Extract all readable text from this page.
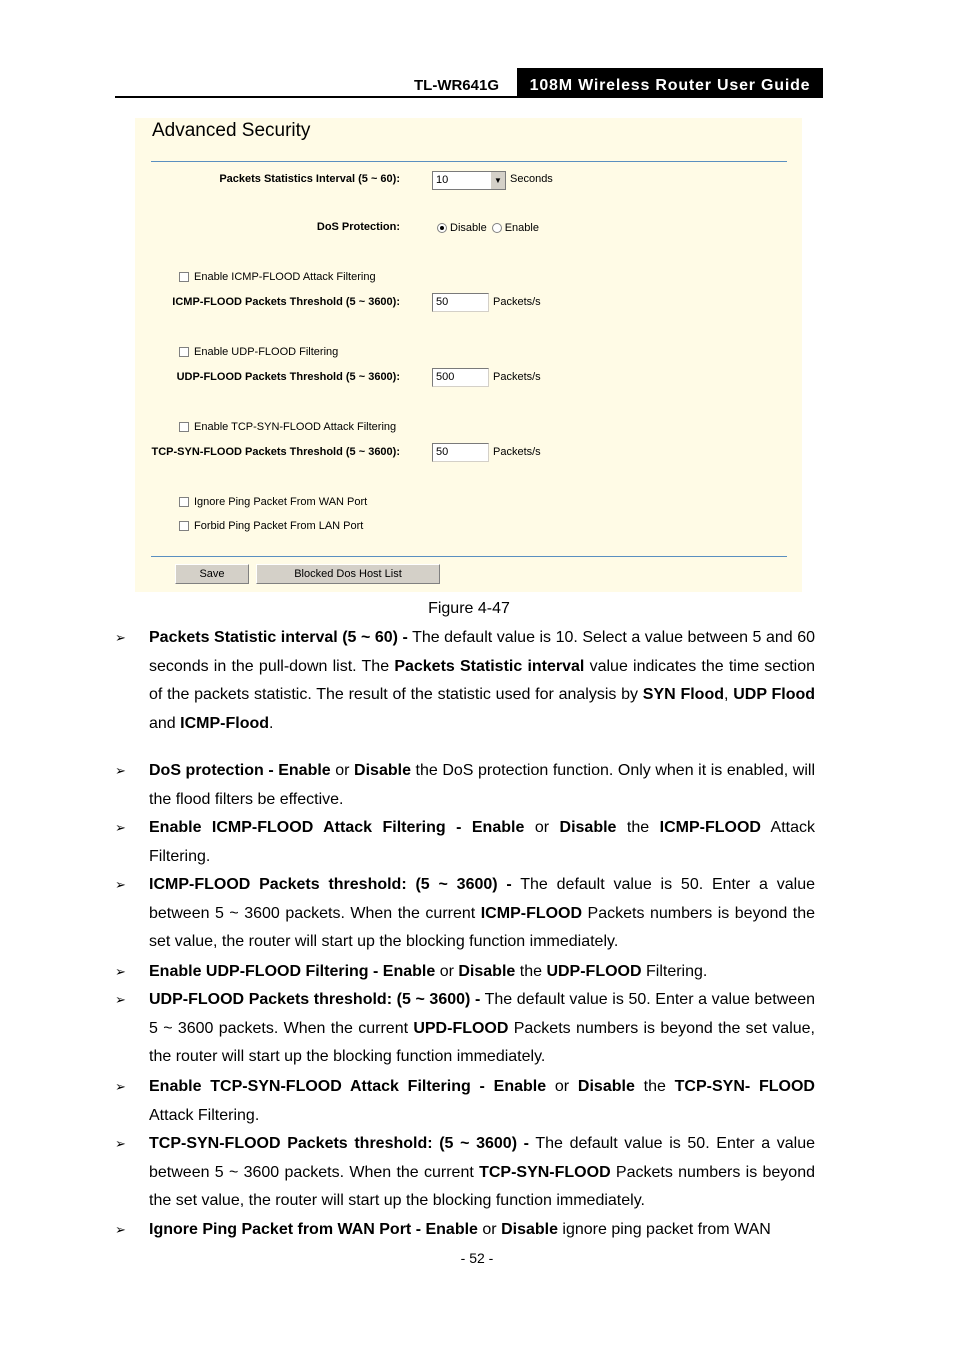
TL-WR641G	108M Wireless Router User Guide
Advanced Security
Packets Statistics Interval (5 ~ 60):	10	▼ Seconds
DoS Protection:	Disable Enable
Enable ICMP-FLOOD Attack Filtering
ICMP-FLOOD Packets Threshold (5 ~ 3600):	50	Packets/s
Enable UDP-FLOOD Filtering
UDP-FLOOD Packets Threshold (5 ~ 3600):	500	Packets/s
Enable TCP-SYN-FLOOD Attack Filtering
TCP-SYN-FLOOD Packets Threshold (5 ~ 3600):	50	Packets/s
Ignore Ping Packet From WAN Port
Forbid Ping Packet From LAN Port
Save	Blocked Dos Host List
Figure 4-47
➢ Packets Statistic interval (5 ~ 60) - The default value is 10. Select a value between 5 and 60 seconds in the pull-down list. The Packets Statistic interval value indicates the time section of the packets statistic. The result of the statistic used for analysis by SYN Flood, UDP Flood and ICMP-Flood.
➢ DoS protection - Enable or Disable the DoS protection function. Only when it is enabled, will the flood filters be effective.
➢ Enable ICMP-FLOOD Attack Filtering - Enable or Disable the ICMP-FLOOD Attack Filtering.
➢ ICMP-FLOOD Packets threshold: (5 ~ 3600) - The default value is 50. Enter a value between 5 ~ 3600 packets. When the current ICMP-FLOOD Packets numbers is beyond the set value, the router will start up the blocking function immediately.
➢ Enable UDP-FLOOD Filtering - Enable or Disable the UDP-FLOOD Filtering.
➢ UDP-FLOOD Packets threshold: (5 ~ 3600) - The default value is 50. Enter a value between 5 ~ 3600 packets. When the current UPD-FLOOD Packets numbers is beyond the set value, the router will start up the blocking function immediately.
➢ Enable TCP-SYN-FLOOD Attack Filtering - Enable or Disable the TCP-SYN- FLOOD Attack Filtering.
➢ TCP-SYN-FLOOD Packets threshold: (5 ~ 3600) - The default value is 50. Enter a value between 5 ~ 3600 packets. When the current TCP-SYN-FLOOD Packets numbers is beyond the set value, the router will start up the blocking function immediately.
➢ Ignore Ping Packet from WAN Port - Enable or Disable ignore ping packet from WAN
- 52 -
